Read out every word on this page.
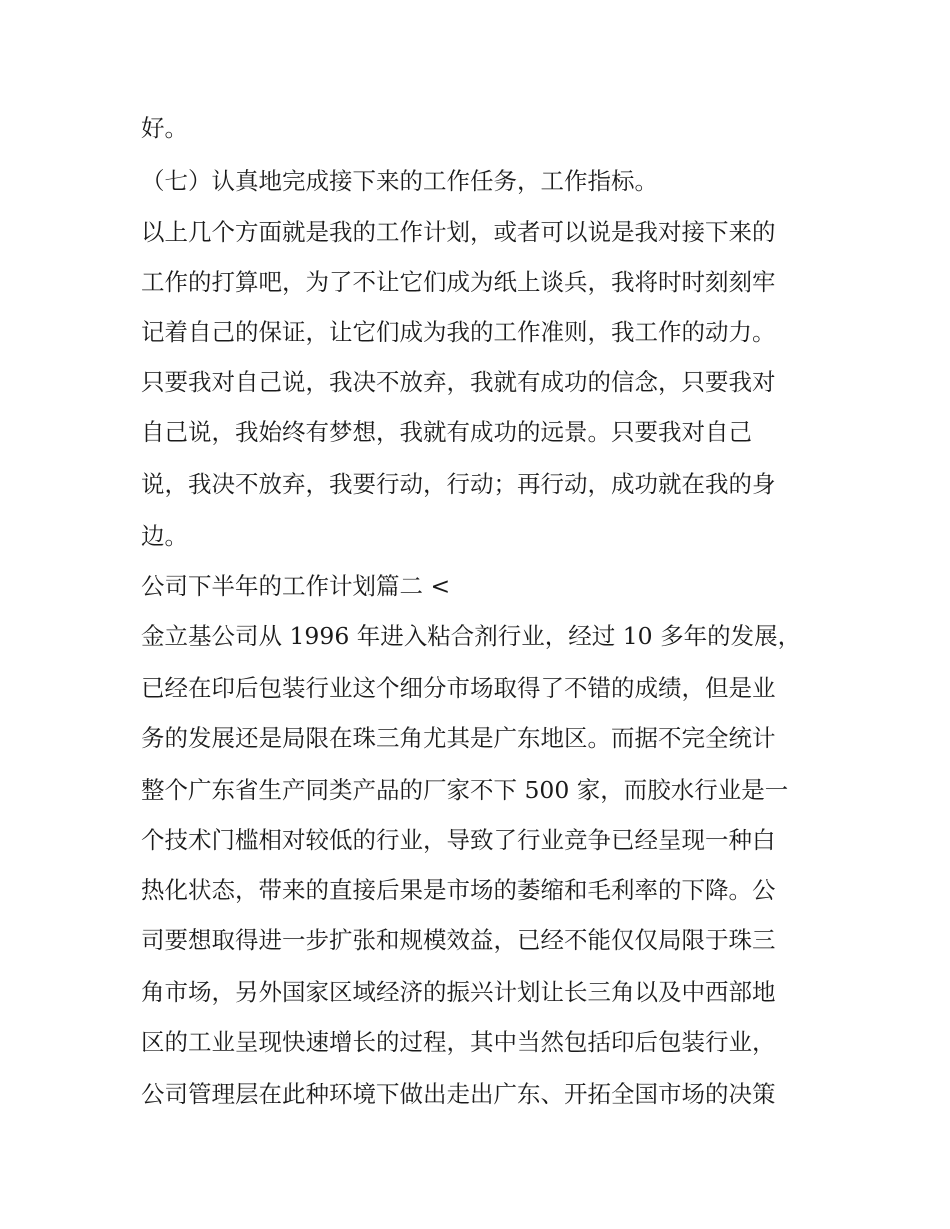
好。
（七）认真地完成接下来的工作任务，工作指标。
以上几个方面就是我的工作计划，或者可以说是我对接下来的
工作的打算吧，为了不让它们成为纸上谈兵，我将时时刻刻牢
记着自己的保证，让它们成为我的工作准则，我工作的动力。
只要我对自己说，我决不放弃，我就有成功的信念，只要我对
自己说，我始终有梦想，我就有成功的远景。只要我对自己
说，我决不放弃，我要行动，行动；再行动，成功就在我的身
边。
公司下半年的工作计划篇二 <
金立基公司从 1996 年进入粘合剂行业，经过 10 多年的发展，
已经在印后包装行业这个细分市场取得了不错的成绩，但是业
务的发展还是局限在珠三角尤其是广东地区。而据不完全统计
整个广东省生产同类产品的厂家不下 500 家，而胶水行业是一
个技术门槛相对较低的行业，导致了行业竞争已经呈现一种白
热化状态，带来的直接后果是市场的萎缩和毛利率的下降。公
司要想取得进一步扩张和规模效益，已经不能仅仅局限于珠三
角市场，另外国家区域经济的振兴计划让长三角以及中西部地
区的工业呈现快速增长的过程，其中当然包括印后包装行业，
公司管理层在此种环境下做出走出广东、开拓全国市场的决策
